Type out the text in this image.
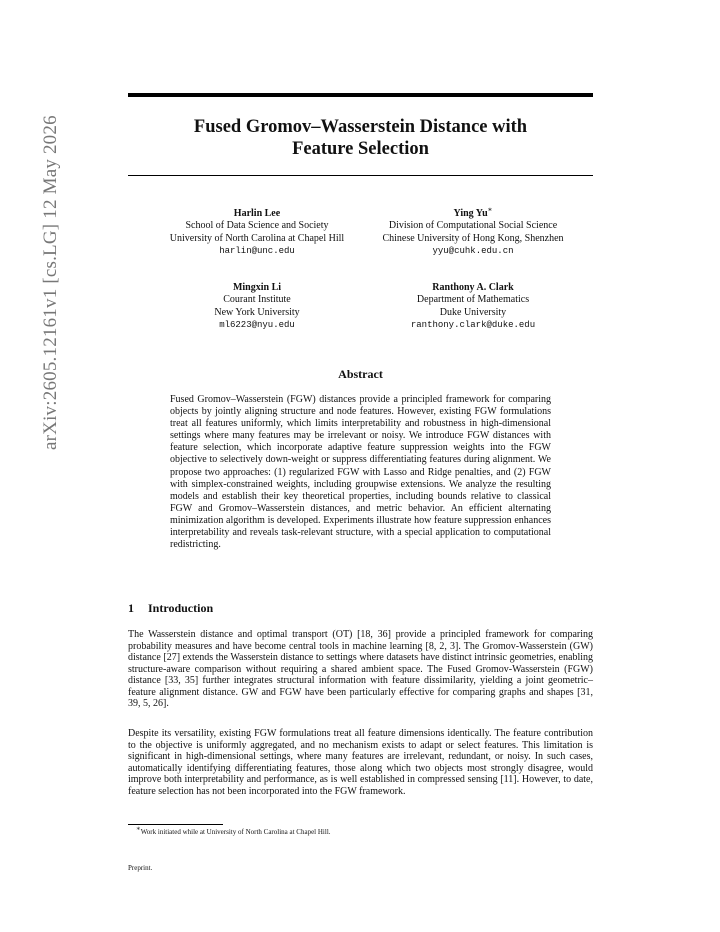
arXiv:2605.12161v1 [cs.LG] 12 May 2026	Fused Gromov–Wasserstein Distance with
Feature Selection
Harlin Lee
School of Data Science and Society
University of North Carolina at Chapel Hill
harlin@unc.edu
Ying Yu∗
Division of Computational Social Science
Chinese University of Hong Kong, Shenzhen
yyu@cuhk.edu.cn
Mingxin Li
Courant Institute
New York University
ml6223@nyu.edu
Ranthony A. Clark
Department of Mathematics
Duke University
ranthony.clark@duke.edu
Abstract

Fused Gromov–Wasserstein (FGW) distances provide a principled framework for comparing objects by jointly aligning structure and node features. However, existing FGW formulations treat all features uniformly, which limits interpretability and robustness in high-dimensional settings where many features may be irrelevant or noisy. We introduce FGW distances with feature selection, which incorporate adaptive feature suppression weights into the FGW objective to selectively down-weight or suppress differentiating features during alignment. We propose two approaches: (1) regularized FGW with Lasso and Ridge penalties, and (2) FGW with simplex-constrained weights, including groupwise extensions. We analyze the resulting models and establish their key theoretical properties, including bounds relative to classical FGW and Gromov–Wasserstein distances, and metric behavior. An efficient alternating minimization algorithm is developed. Experiments illustrate how feature suppression enhances interpretability and reveals task-relevant structure, with a special application to computational redistricting.

1 Introduction

The Wasserstein distance and optimal transport (OT) [18, 36] provide a principled framework for comparing probability measures and have become central tools in machine learning [8, 2, 3]. The Gromov-Wasserstein (GW) distance [27] extends the Wasserstein distance to settings where datasets have distinct intrinsic geometries, enabling structure-aware comparison without requiring a shared ambient space. The Fused Gromov-Wasserstein (FGW) distance [33, 35] further integrates structural information with feature dissimilarity, yielding a joint geometric–feature alignment distance. GW and FGW have been particularly effective for comparing graphs and shapes [31, 39, 5, 26].

Despite its versatility, existing FGW formulations treat all feature dimensions identically. The feature contribution to the objective is uniformly aggregated, and no mechanism exists to adapt or select features. This limitation is significant in high-dimensional settings, where many features are irrelevant, redundant, or noisy. In such cases, automatically identifying differentiating features, those along which two objects most strongly disagree, would improve both interpretability and performance, as is well established in compressed sensing [11]. However, to date, feature selection has not been incorporated into the FGW framework.

∗Work initiated while at University of North Carolina at Chapel Hill.
Preprint.
